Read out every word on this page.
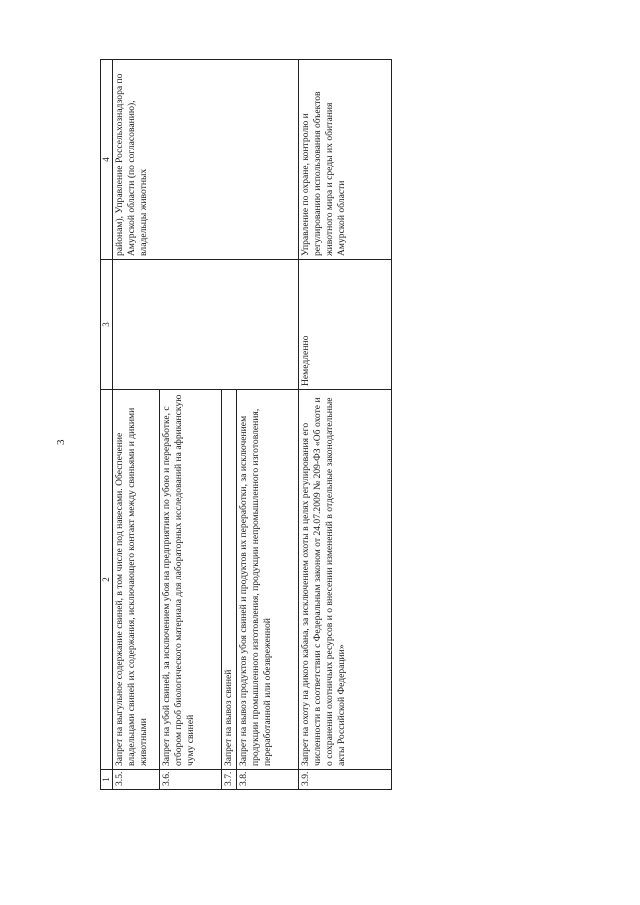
3
1	2	3	4
3.5.	Запрет на выгульное содержание свиней, в том числе под навесами. Обеспечение владельцами свиней их содержания, исключающего контакт между свиньями и дикими животными		районам), Управление Россельхознадзора по Амурской области (по согласованию), владельцы животных
3.6.	Запрет на убой свиней, за исключением убоя на предприятиях по убою и переработке, с отбором проб биологического материала для лабораторных исследований на африканскую чуму свиней		
3.7.	Запрет на вывоз свиней		
3.8.	Запрет на вывоз продуктов убоя свиней и продуктов их переработки, за исключением продукции промышленного изготовления, продукции непромышленного изготовления, переработанной или обезвреженной		
3.9.	Запрет на охоту на дикого кабана, за исключением охоты в целях регулирования его численности в соответствии с Федеральным законом от 24.07.2009 № 209-ФЗ «Об охоте и о сохранении охотничьих ресурсов и о внесении изменений в отдельные законодательные акты Российской Федерации»	Немедленно	Управление по охране, контролю и регулированию использования объектов животного мира и среды их обитания Амурской области
